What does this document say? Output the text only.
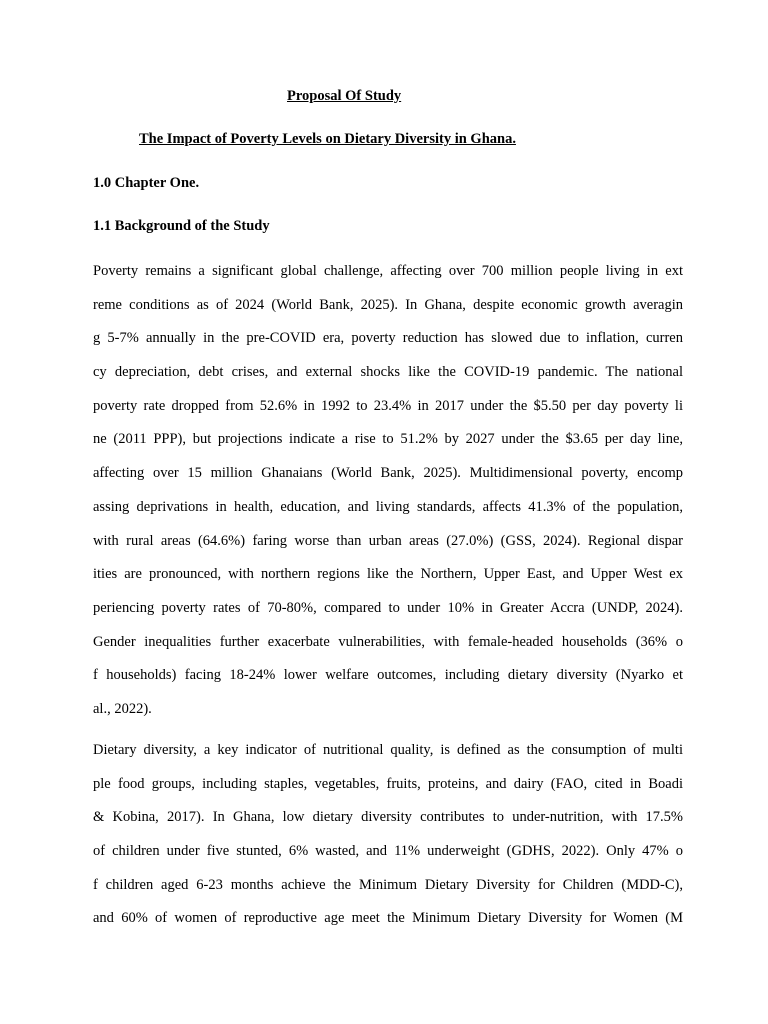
Proposal Of Study
The Impact of Poverty Levels on Dietary Diversity in Ghana.
1.0 Chapter One.
1.1 Background of the Study
Poverty remains a significant global challenge, affecting over 700 million people living in ext
reme conditions as of 2024 (World Bank, 2025). In Ghana, despite economic growth averagin
g 5-7% annually in the pre-COVID era, poverty reduction has slowed due to inflation, curren
cy depreciation, debt crises, and external shocks like the COVID-19 pandemic. The national
poverty rate dropped from 52.6% in 1992 to 23.4% in 2017 under the $5.50 per day poverty li
ne (2011 PPP), but projections indicate a rise to 51.2% by 2027 under the $3.65 per day line,
affecting over 15 million Ghanaians (World Bank, 2025). Multidimensional poverty, encomp
assing deprivations in health, education, and living standards, affects 41.3% of the population,
with rural areas (64.6%) faring worse than urban areas (27.0%) (GSS, 2024). Regional dispar
ities are pronounced, with northern regions like the Northern, Upper East, and Upper West ex
periencing poverty rates of 70-80%, compared to under 10% in Greater Accra (UNDP, 2024).
Gender inequalities further exacerbate vulnerabilities, with female-headed households (36% o
f households) facing 18-24% lower welfare outcomes, including dietary diversity (Nyarko et
al., 2022).
Dietary diversity, a key indicator of nutritional quality, is defined as the consumption of multi
ple food groups, including staples, vegetables, fruits, proteins, and dairy (FAO, cited in Boadi
& Kobina, 2017). In Ghana, low dietary diversity contributes to under-nutrition, with 17.5%
of children under five stunted, 6% wasted, and 11% underweight (GDHS, 2022). Only 47% o
f children aged 6-23 months achieve the Minimum Dietary Diversity for Children (MDD-C),
and 60% of women of reproductive age meet the Minimum Dietary Diversity for Women (M
